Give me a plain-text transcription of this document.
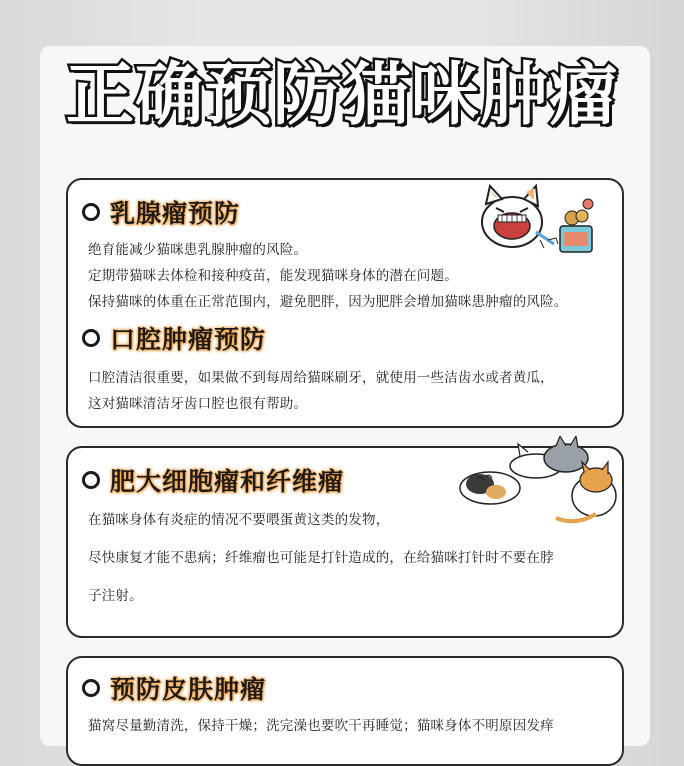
正确预防猫咪肿瘤
乳腺瘤预防
绝育能减少猫咪患乳腺肿瘤的风险。
定期带猫咪去体检和接种疫苗，能发现猫咪身体的潜在问题。
保持猫咪的体重在正常范围内，避免肥胖，因为肥胖会增加猫咪患肿瘤的风险。
口腔肿瘤预防
口腔清洁很重要，如果做不到每周给猫咪刷牙，就使用一些洁齿水或者黄瓜，
这对猫咪清洁牙齿口腔也很有帮助。
肥大细胞瘤和纤维瘤
在猫咪身体有炎症的情况不要喂蛋黄这类的发物，
尽快康复才能不患病；纤维瘤也可能是打针造成的，在给猫咪打针时不要在脖
子注射。
预防皮肤肿瘤
猫窝尽量勤清洗，保持干燥；洗完澡也要吹干再睡觉；猫咪身体不明原因发痒
